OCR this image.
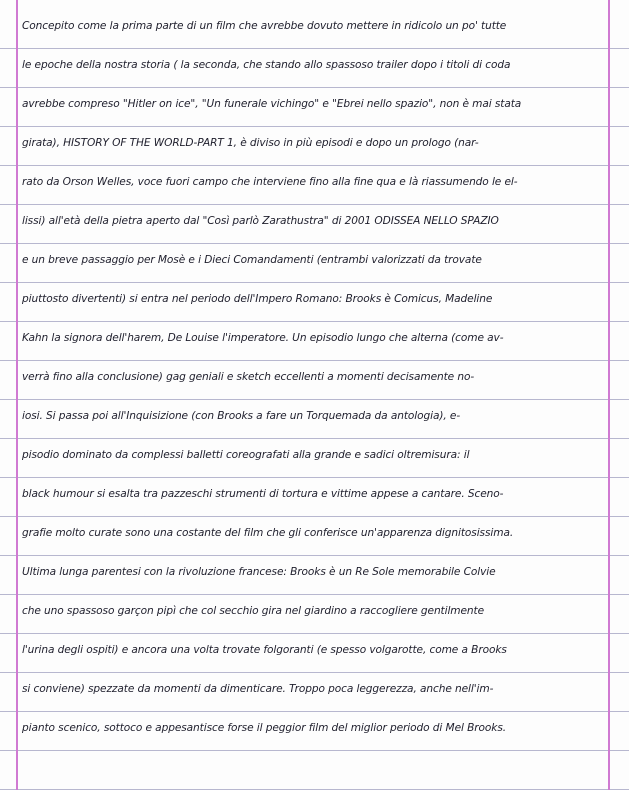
Concepito come la prima parte di un film che avrebbe dovuto mettere in ridicolo un po' tutte
le epoche della nostra storia ( la seconda, che stando allo spassoso trailer dopo i titoli di coda
avrebbe compreso "Hitler on ice", "Un funerale vichingo" e "Ebrei nello spazio", non è mai stata
girata), HISTORY OF THE WORLD-PART 1, è diviso in più episodi e dopo un prologo (nar-
rato da Orson Welles, voce fuori campo che interviene fino alla fine qua e là riassumendo le el-
lissi) all'età della pietra aperto dal "Così parlò Zarathustra" di 2001 ODISSEA NELLO SPAZIO
e un breve passaggio per Mosè e i Dieci Comandamenti (entrambi valorizzati da trovate
piuttosto divertenti) si entra nel periodo dell'Impero Romano: Brooks è Comicus, Madeline
Kahn la signora dell'harem, De Louise l'imperatore. Un episodio lungo che alterna (come av-
verrà fino alla conclusione) gag geniali e sketch eccellenti a momenti decisamente no-
iosi. Si passa poi all'Inquisizione (con Brooks a fare un Torquemada da antologia), e-
pisodio dominato da complessi balletti coreografati alla grande e sadici oltremisura: il
black humour si esalta tra pazzeschi strumenti di tortura e vittime appese a cantare. Sceno-
grafie molto curate sono una costante del film che gli conferisce un'apparenza dignitosissima.
Ultima lunga parentesi con la rivoluzione francese: Brooks è un Re Sole memorabile Colvie
che uno spassoso garçon pipì che col secchio gira nel giardino a raccogliere gentilmente
l'urina degli ospiti) e ancora una volta trovate folgoranti (e spesso volgarotte, come a Brooks
si conviene) spezzate da momenti da dimenticare. Troppo poca leggerezza, anche nell'im-
pianto scenico, sottoco e appesantisce forse il peggior film del miglior periodo di Mel Brooks.
